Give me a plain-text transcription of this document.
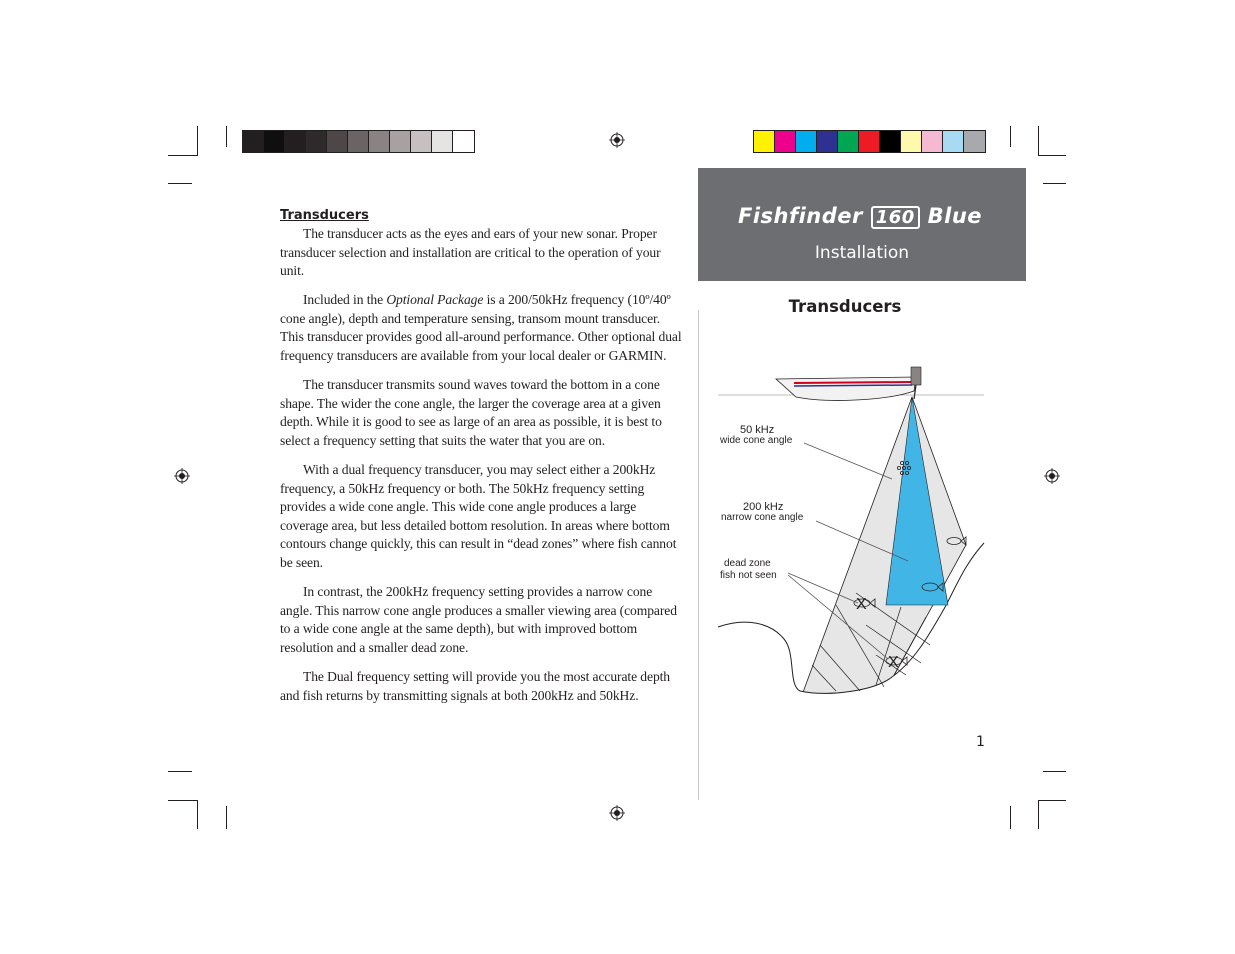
Transducers

The transducer acts as the eyes and ears of your new sonar. Proper transducer selection and installation are critical to the operation of your unit.

Included in the Optional Package is a 200/50kHz frequency (10º/40º cone angle), depth and temperature sensing, transom mount transducer. This transducer provides good all-around performance. Other optional dual frequency transducers are available from your local dealer or GARMIN.

The transducer transmits sound waves toward the bottom in a cone shape. The wider the cone angle, the larger the coverage area at a given depth. While it is good to see as large of an area as possible, it is best to select a frequency setting that suits the water that you are on.

With a dual frequency transducer, you may select either a 200kHz frequency, a 50kHz frequency or both. The 50kHz frequency setting provides a wide cone angle. This wide cone angle produces a large coverage area, but less detailed bottom resolution. In areas where bottom contours change quickly, this can result in “dead zones” where fish cannot be seen.

In contrast, the 200kHz frequency setting provides a narrow cone angle. This narrow cone angle produces a smaller viewing area (compared to a wide cone angle at the same depth), but with improved bottom resolution and a smaller dead zone.

The Dual frequency setting will provide you the most accurate depth and fish returns by transmitting signals at both 200kHz and 50kHz.

Fishfinder 160 Blue
Installation
Transducers
X
X
50 kHz
wide cone angle
200 kHz
narrow cone angle
dead zone
fish not seen
1
